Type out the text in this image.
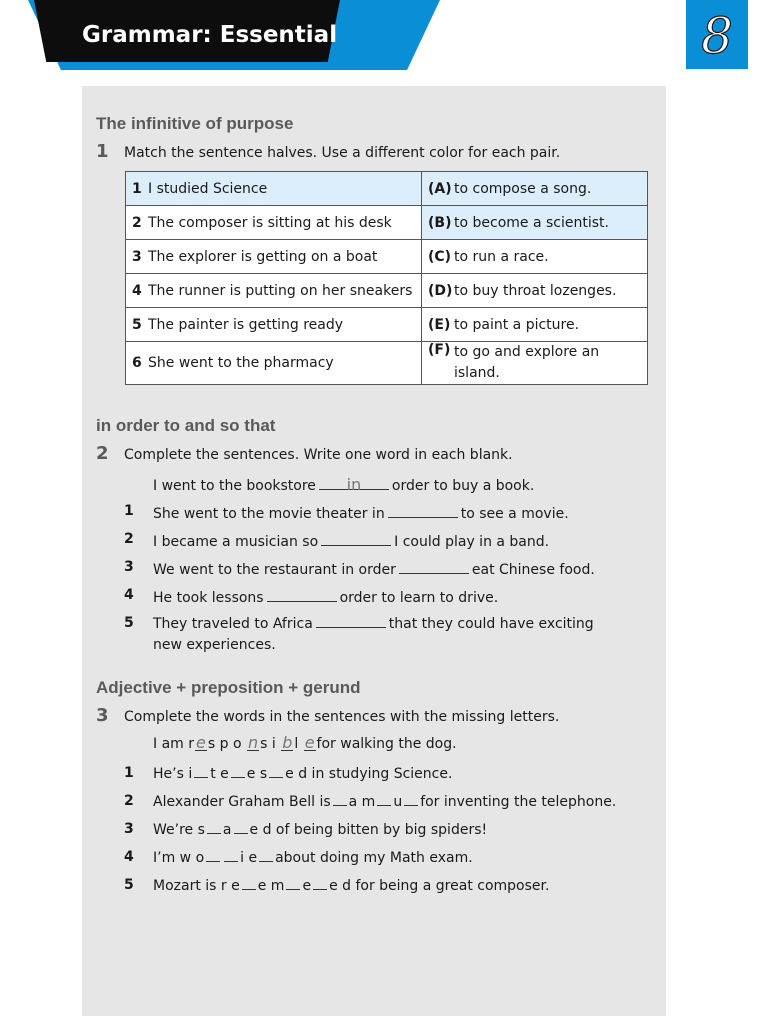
Grammar: Essential	8
The infinitive of purpose
1 Match the sentence halves. Use a different color for each pair.
1 I studied Science	(A) to compose a song.
2 The composer is sitting at his desk	(B) to become a scientist.
3 The explorer is getting on a boat	(C) to run a race.
4 The runner is putting on her sneakers	(D) to buy throat lozenges.
5 The painter is getting ready	(E) to paint a picture.
6 She went to the pharmacy	(F) to go and explore an island.
in order to and so that
2 Complete the sentences. Write one word in each blank.
I went to the bookstore in order to buy a book.
1 She went to the movie theater in	to see a movie.
2 I became a musician so	I could play in a band.
3 We went to the restaurant in order	eat Chinese food.
4 He took lessons	order to learn to drive.
5 They traveled to Africa	that they could have exciting new experiences.
Adjective + preposition + gerund
3 Complete the words in the sentences with the missing letters.
I am r e s p o n s i b l e for walking the dog.
1 He’s i t e e s e d in studying Science.
2 Alexander Graham Bell is a m u for inventing the telephone.
3 We’re s a e d of being bitten by big spiders!
4 I’m w o	i e about doing my Math exam.
5 Mozart is r e e m e e d for being a great composer.
